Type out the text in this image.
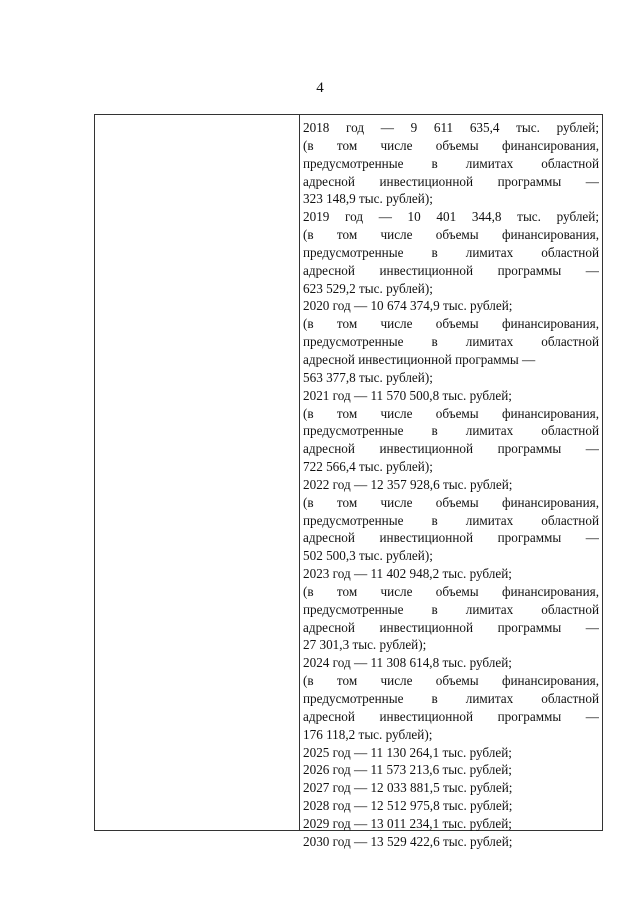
4
2018 год — 9 611 635,4 тыс. рублей;
(в том числе объемы финансирования,
предусмотренные в лимитах областной
адресной инвестиционной программы —
323 148,9 тыс. рублей);
2019 год — 10 401 344,8 тыс. рублей;
(в том числе объемы финансирования,
предусмотренные в лимитах областной
адресной инвестиционной программы —
623 529,2 тыс. рублей);
2020 год — 10 674 374,9 тыс. рублей;
(в том числе объемы финансирования,
предусмотренные в лимитах областной
адресной инвестиционной программы —
563 377,8 тыс. рублей);
2021 год — 11 570 500,8 тыс. рублей;
(в том числе объемы финансирования,
предусмотренные в лимитах областной
адресной инвестиционной программы —
722 566,4 тыс. рублей);
2022 год — 12 357 928,6 тыс. рублей;
(в том числе объемы финансирования,
предусмотренные в лимитах областной
адресной инвестиционной программы —
502 500,3 тыс. рублей);
2023 год — 11 402 948,2 тыс. рублей;
(в том числе объемы финансирования,
предусмотренные в лимитах областной
адресной инвестиционной программы —
27 301,3 тыс. рублей);
2024 год — 11 308 614,8 тыс. рублей;
(в том числе объемы финансирования,
предусмотренные в лимитах областной
адресной инвестиционной программы —
176 118,2 тыс. рублей);
2025 год — 11 130 264,1 тыс. рублей;
2026 год — 11 573 213,6 тыс. рублей;
2027 год — 12 033 881,5 тыс. рублей;
2028 год — 12 512 975,8 тыс. рублей;
2029 год — 13 011 234,1 тыс. рублей;
2030 год — 13 529 422,6 тыс. рублей;
